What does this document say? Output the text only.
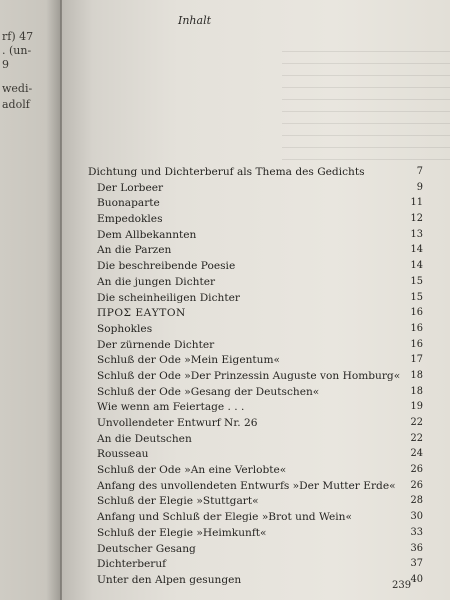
rf) 47
. (un-
9
wedi-
adolf
Inhalt
Dichtung und Dichterberuf als Thema des Gedichts	7
Der Lorbeer	9
Buonaparte	11
Empedokles	12
Dem Allbekannten	13
An die Parzen	14
Die beschreibende Poesie	14
An die jungen Dichter	15
Die scheinheiligen Dichter	15
ΠΡΟΣ ΕΑΥΤΟΝ	16
Sophokles	16
Der zürnende Dichter	16
Schluß der Ode »Mein Eigentum«	17
Schluß der Ode »Der Prinzessin Auguste von Homburg« 18
Schluß der Ode »Gesang der Deutschen«	18
Wie wenn am Feiertage . . .	19
Unvollendeter Entwurf Nr. 26	22
An die Deutschen	22
Rousseau	24
Schluß der Ode »An eine Verlobte«	26
Anfang des unvollendeten Entwurfs »Der Mutter Erde« 26
Schluß der Elegie »Stuttgart«	28
Anfang und Schluß der Elegie »Brot und Wein«	30
Schluß der Elegie »Heimkunft«	33
Deutscher Gesang	36
Dichterberuf	37
Unter den Alpen gesungen	40
239
